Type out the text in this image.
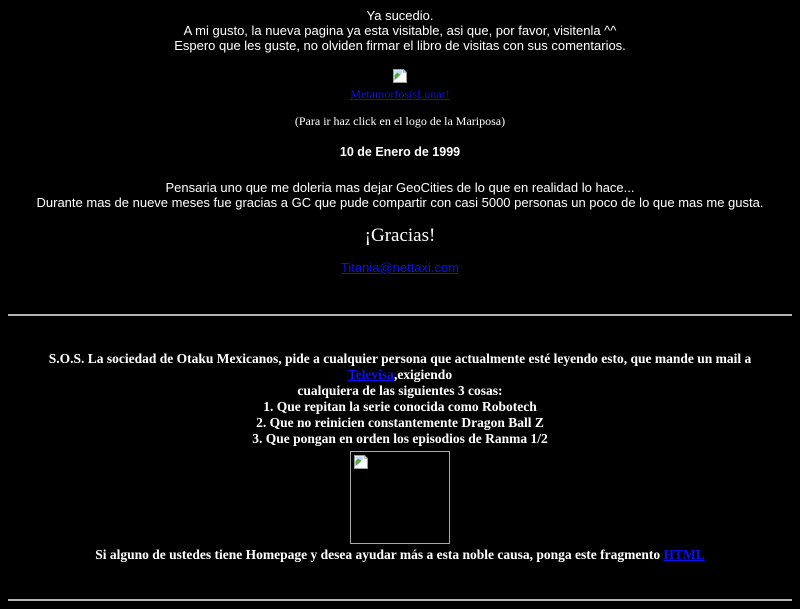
Ya sucedio.
A mi gusto, la nueva pagina ya esta visitable, asi que, por favor, visitenla ^^
Espero que les guste, no olviden firmar el libro de visitas con sus comentarios.

MetamorfosisLunar!

(Para ir haz click en el logo de la Mariposa)

10 de Enero de 1999

Pensaria uno que me doleria mas dejar GeoCities de lo que en realidad lo hace...
Durante mas de nueve meses fue gracias a GC que pude compartir con casi 5000 personas un poco de lo que mas me gusta.

¡Gracias!

Titania@nettaxi.com

S.O.S. La sociedad de Otaku Mexicanos, pide a cualquier persona que actualmente esté leyendo esto, que mande un mail a Televisa,exigiendo
cualquiera de las siguientes 3 cosas:

1. Que repitan la serie conocida como Robotech
2. Que no reinicien constantemente Dragon Ball Z
3. Que pongan en orden los episodios de Ranma 1/2

Si alguno de ustedes tiene Homepage y desea ayudar más a esta noble causa, ponga este fragmento HTML
